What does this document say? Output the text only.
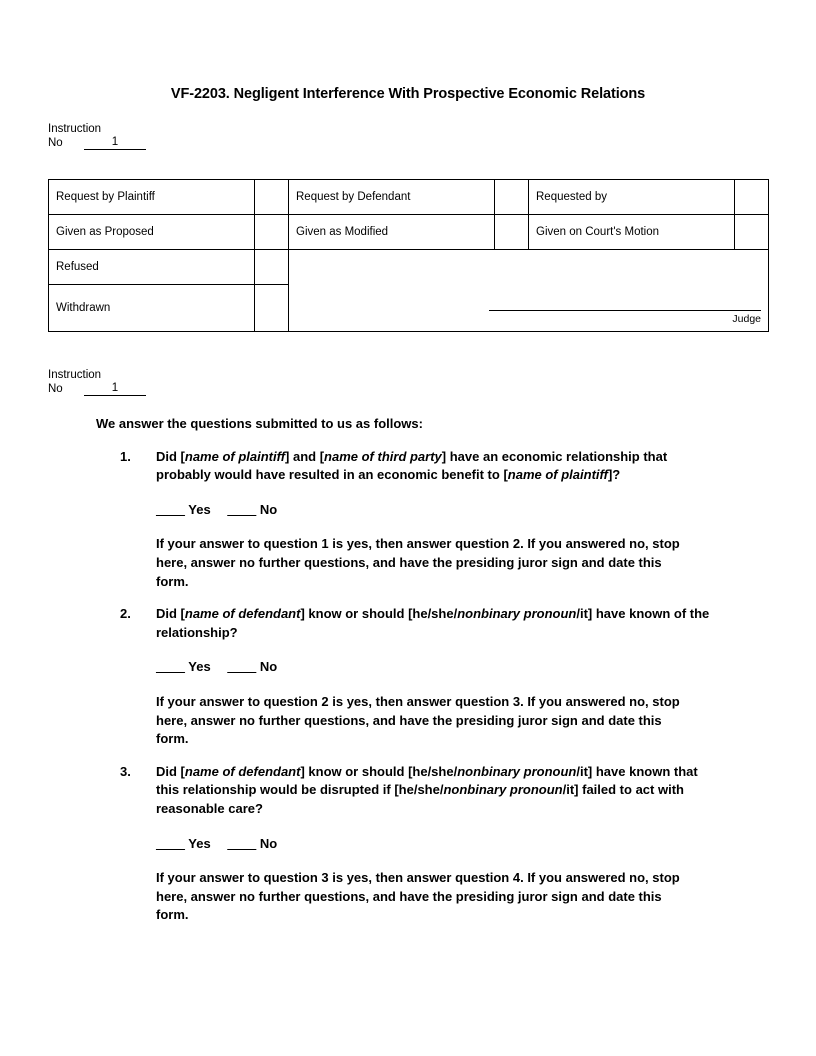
VF-2203. Negligent Interference With Prospective Economic Relations
Instruction
No	1
Request by Plaintiff		Request by Defendant		Requested by	
Given as Proposed		Given as Modified		Given on Court's Motion	
Refused		Judge			

Withdrawn					
Instruction
No	1
We answer the questions submitted to us as follows:
1.	Did [name of plaintiff] and [name of third party] have an economic relationship that probably would have resulted in an economic benefit to [name of plaintiff]?
____ Yes  ____ No
If your answer to question 1 is yes, then answer question 2. If you answered no, stop here, answer no further questions, and have the presiding juror sign and date this form.
2.	Did [name of defendant] know or should [he/she/nonbinary pronoun/it] have known of the relationship?
____ Yes  ____ No
If your answer to question 2 is yes, then answer question 3. If you answered no, stop here, answer no further questions, and have the presiding juror sign and date this form.
3.	Did [name of defendant] know or should [he/she/nonbinary pronoun/it] have known that this relationship would be disrupted if [he/she/nonbinary pronoun/it] failed to act with reasonable care?
____ Yes  ____ No
If your answer to question 3 is yes, then answer question 4. If you answered no, stop here, answer no further questions, and have the presiding juror sign and date this form.
